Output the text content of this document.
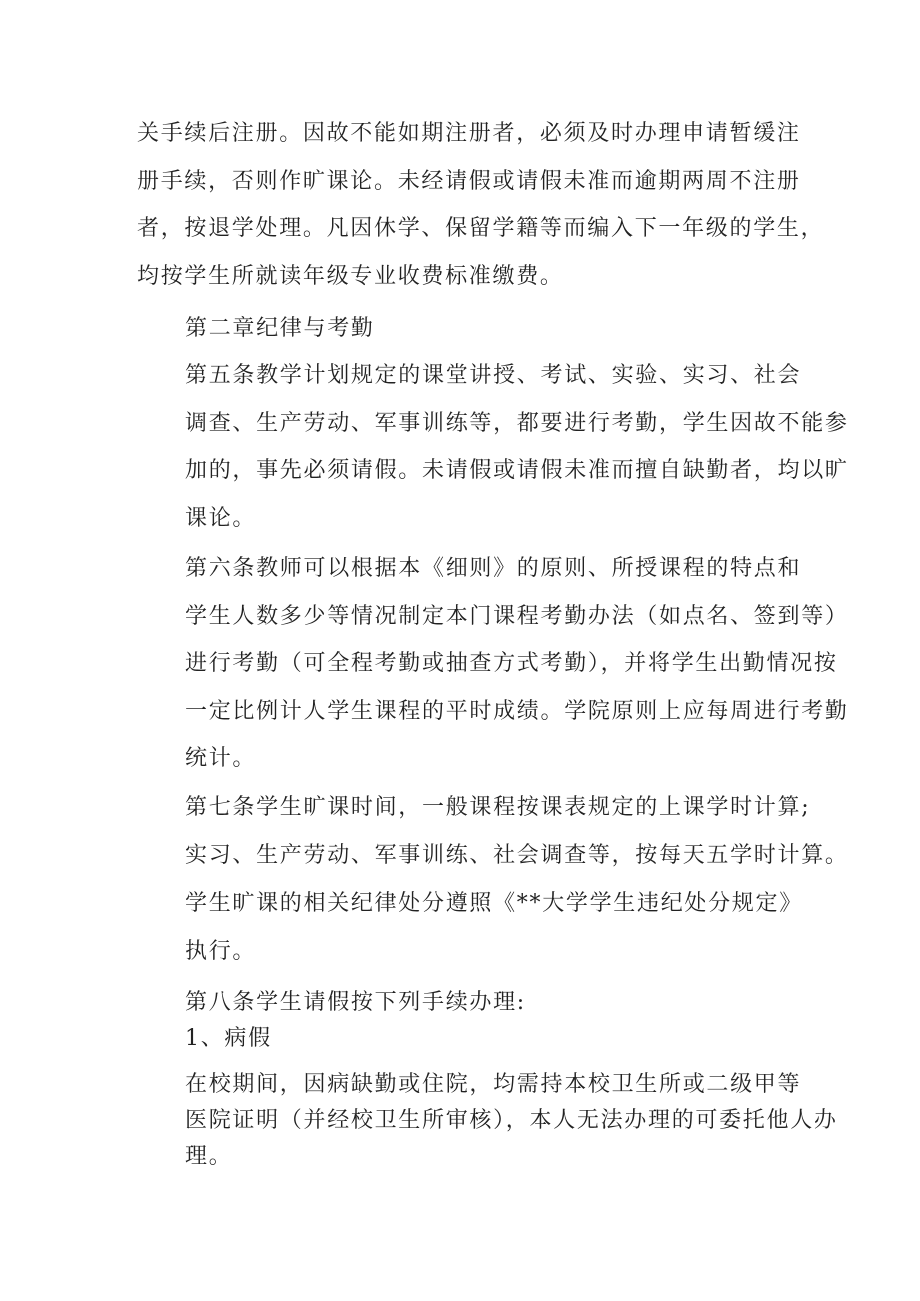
关手续后注册。因故不能如期注册者，必须及时办理申请暂缓注
册手续，否则作旷课论。未经请假或请假未准而逾期两周不注册
者，按退学处理。凡因休学、保留学籍等而编入下一年级的学生，
均按学生所就读年级专业收费标准缴费。

第二章纪律与考勤

第五条教学计划规定的课堂讲授、考试、实验、实习、社会
调查、生产劳动、军事训练等，都要进行考勤，学生因故不能参
加的，事先必须请假。未请假或请假未准而擅自缺勤者，均以旷
课论。

第六条教师可以根据本《细则》的原则、所授课程的特点和
学生人数多少等情况制定本门课程考勤办法（如点名、签到等）
进行考勤（可全程考勤或抽查方式考勤），并将学生出勤情况按
一定比例计人学生课程的平时成绩。学院原则上应每周进行考勤
统计。

第七条学生旷课时间，一般课程按课表规定的上课学时计算;
实习、生产劳动、军事训练、社会调查等，按每天五学时计算。

学生旷课的相关纪律处分遵照《**大学学生违纪处分规定》
执行。

第八条学生请假按下列手续办理:
1、病假

在校期间，因病缺勤或住院，均需持本校卫生所或二级甲等
医院证明（并经校卫生所审核），本人无法办理的可委托他人办
理。
